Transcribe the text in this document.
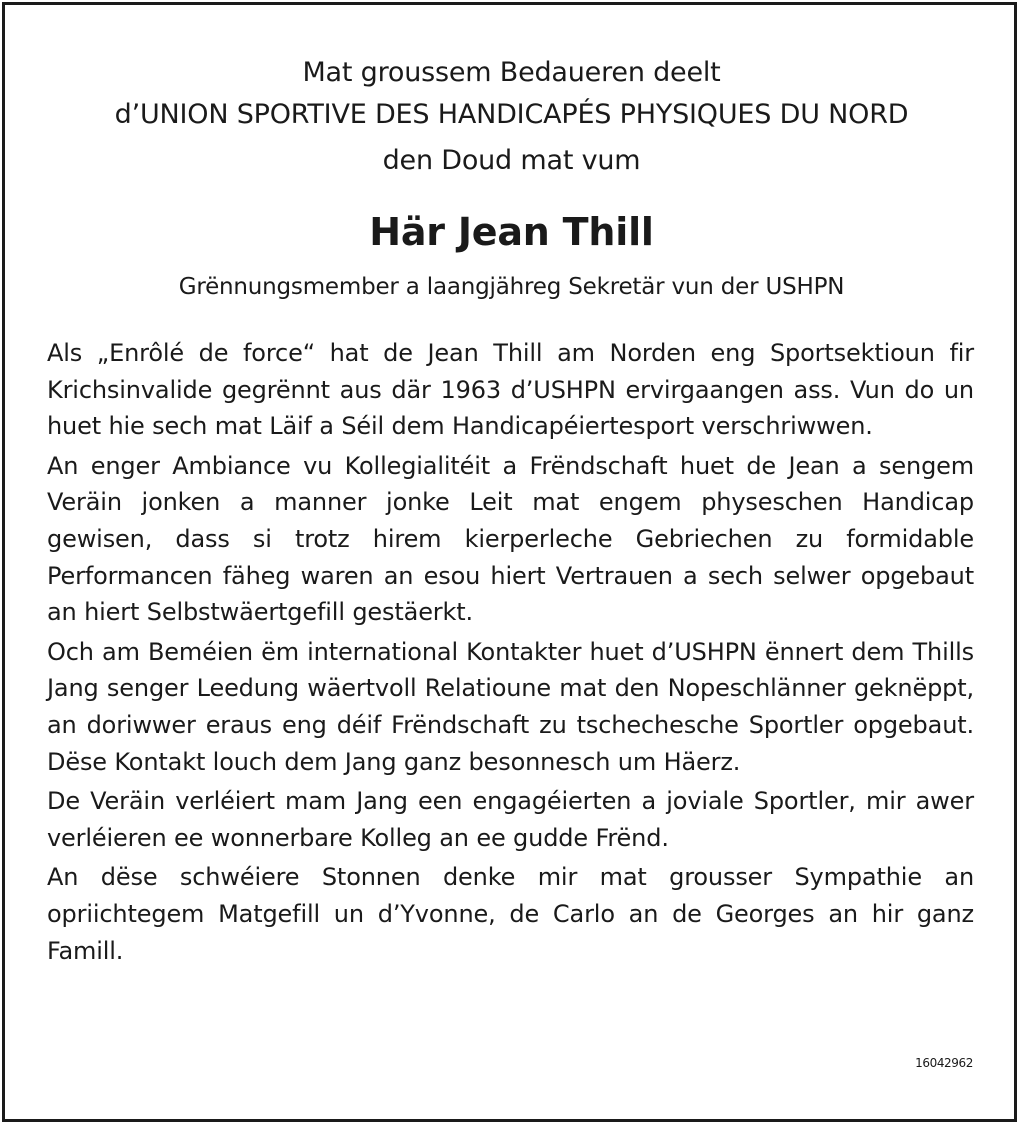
Mat groussem Bedaueren deelt
d’UNION SPORTIVE DES HANDICAPÉS PHYSIQUES DU NORD
den Doud mat vum
Här Jean Thill
Grënnungsmember a laangjähreg Sekretär vun der USHPN

Als „Enrôlé de force“ hat de Jean Thill am Norden eng Sportsektioun fir Krichsinvalide gegrënnt aus där 1963 d’USHPN ervirgaangen ass. Vun do un huet hie sech mat Läif a Séil dem Handicapéiertesport verschriwwen.

An enger Ambiance vu Kollegialitéit a Frëndschaft huet de Jean a sengem Veräin jonken a manner jonke Leit mat engem physeschen Handicap gewisen, dass si trotz hirem kierperleche Gebriechen zu formidable Performancen fäheg waren an esou hiert Vertrauen a sech selwer opgebaut an hiert Selbstwäertgefill gestäerkt.

Och am Beméien ëm international Kontakter huet d’USHPN ënnert dem Thills Jang senger Leedung wäertvoll Relatioune mat den Nopeschlänner geknëppt, an doriwwer eraus eng déif Frëndschaft zu tschechesche Sportler opgebaut. Dëse Kontakt louch dem Jang ganz besonnesch um Häerz.

De Veräin verléiert mam Jang een engagéierten a joviale Sportler, mir awer verléieren ee wonnerbare Kolleg an ee gudde Frënd.

An dëse schwéiere Stonnen denke mir mat grousser Sympathie an opriichtegem Matgefill un d’Yvonne, de Carlo an de Georges an hir ganz Famill.

16042962
